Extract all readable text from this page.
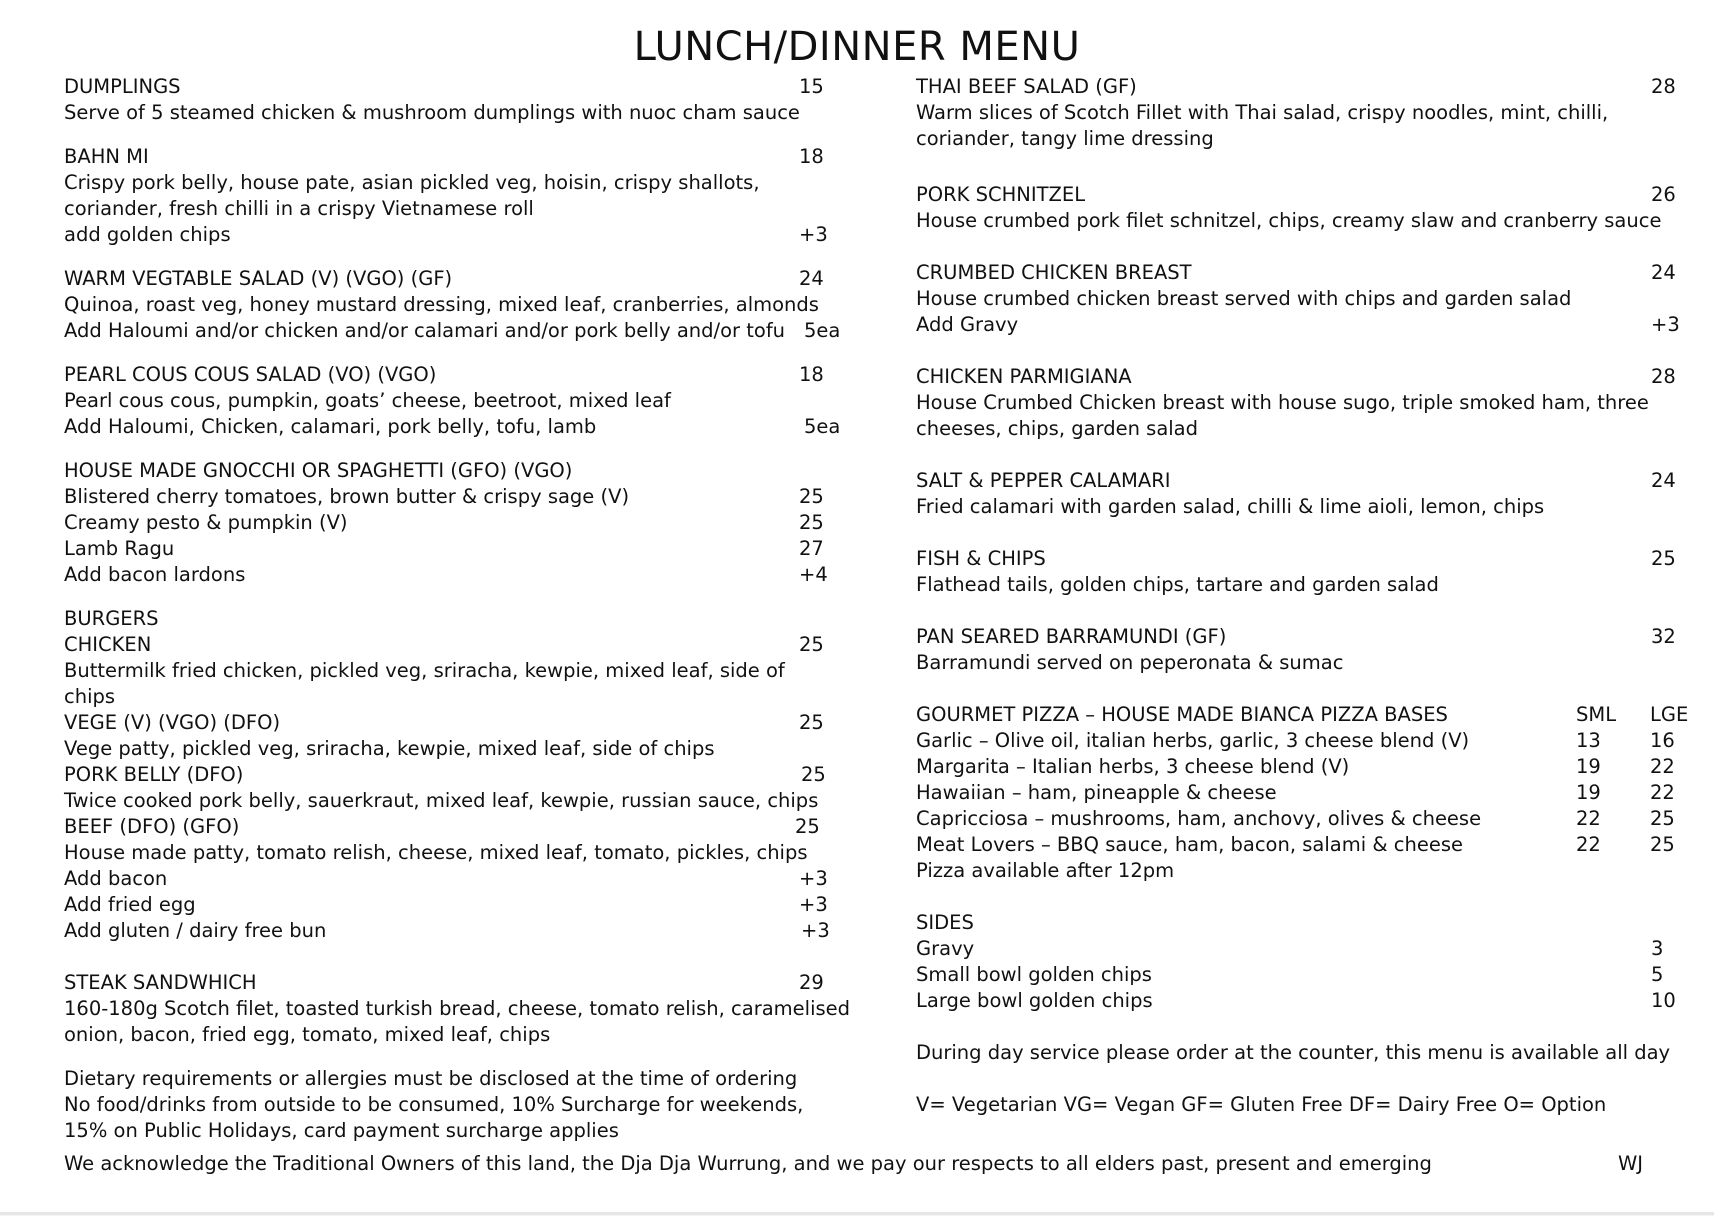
LUNCH/DINNER MENU
DUMPLINGS	15
Serve of 5 steamed chicken & mushroom dumplings with nuoc cham sauce
BAHN MI	18
Crispy pork belly, house pate, asian pickled veg, hoisin, crispy shallots,
coriander, fresh chilli in a crispy Vietnamese roll
add golden chips	+3
WARM VEGTABLE SALAD (V) (VGO) (GF)	24
Quinoa, roast veg, honey mustard dressing, mixed leaf, cranberries, almonds
Add Haloumi and/or chicken and/or calamari and/or pork belly and/or tofu 5ea
PEARL COUS COUS SALAD (VO) (VGO)	18
Pearl cous cous, pumpkin, goats’ cheese, beetroot, mixed leaf
Add Haloumi, Chicken, calamari, pork belly, tofu, lamb	5ea
HOUSE MADE GNOCCHI OR SPAGHETTI (GFO) (VGO)
Blistered cherry tomatoes, brown butter & crispy sage (V)	25
Creamy pesto & pumpkin (V)	25
Lamb Ragu	27
Add bacon lardons	+4
BURGERS
CHICKEN	25
Buttermilk fried chicken, pickled veg, sriracha, kewpie, mixed leaf, side of chips
VEGE (V) (VGO) (DFO)	25
Vege patty, pickled veg, sriracha, kewpie, mixed leaf, side of chips
PORK BELLY (DFO)	25
Twice cooked pork belly, sauerkraut, mixed leaf, kewpie, russian sauce, chips
BEEF (DFO) (GFO)	25
House made patty, tomato relish, cheese, mixed leaf, tomato, pickles, chips
Add bacon	+3
Add fried egg	+3
Add gluten / dairy free bun	+3
STEAK SANDWHICH	29
160-180g Scotch filet, toasted turkish bread, cheese, tomato relish, caramelised
onion, bacon, fried egg, tomato, mixed leaf, chips
Dietary requirements or allergies must be disclosed at the time of ordering
No food/drinks from outside to be consumed, 10% Surcharge for weekends,
15% on Public Holidays, card payment surcharge applies
THAI BEEF SALAD (GF)	28
Warm slices of Scotch Fillet with Thai salad, crispy noodles, mint, chilli,
coriander, tangy lime dressing
PORK SCHNITZEL	26
House crumbed pork filet schnitzel, chips, creamy slaw and cranberry sauce
CRUMBED CHICKEN BREAST	24
House crumbed chicken breast served with chips and garden salad
Add Gravy	+3
CHICKEN PARMIGIANA	28
House Crumbed Chicken breast with house sugo, triple smoked ham, three
cheeses, chips, garden salad
SALT & PEPPER CALAMARI	24
Fried calamari with garden salad, chilli & lime aioli, lemon, chips
FISH & CHIPS	25
Flathead tails, golden chips, tartare and garden salad
PAN SEARED BARRAMUNDI (GF)	32
Barramundi served on peperonata & sumac
GOURMET PIZZA – HOUSE MADE BIANCA PIZZA BASES	SML LGE
Garlic – Olive oil, italian herbs, garlic, 3 cheese blend (V)	13	16
Margarita – Italian herbs, 3 cheese blend (V)	19	22
Hawaiian – ham, pineapple & cheese	19	22
Capricciosa – mushrooms, ham, anchovy, olives & cheese	22	25
Meat Lovers – BBQ sauce, ham, bacon, salami & cheese	22	25
Pizza available after 12pm
SIDES
Gravy	3
Small bowl golden chips	5
Large bowl golden chips	10
During day service please order at the counter, this menu is available all day
V= Vegetarian VG= Vegan GF= Gluten Free DF= Dairy Free O= Option
We acknowledge the Traditional Owners of this land, the Dja Dja Wurrung, and we pay our respects to all elders past, present and emerging	WJ
